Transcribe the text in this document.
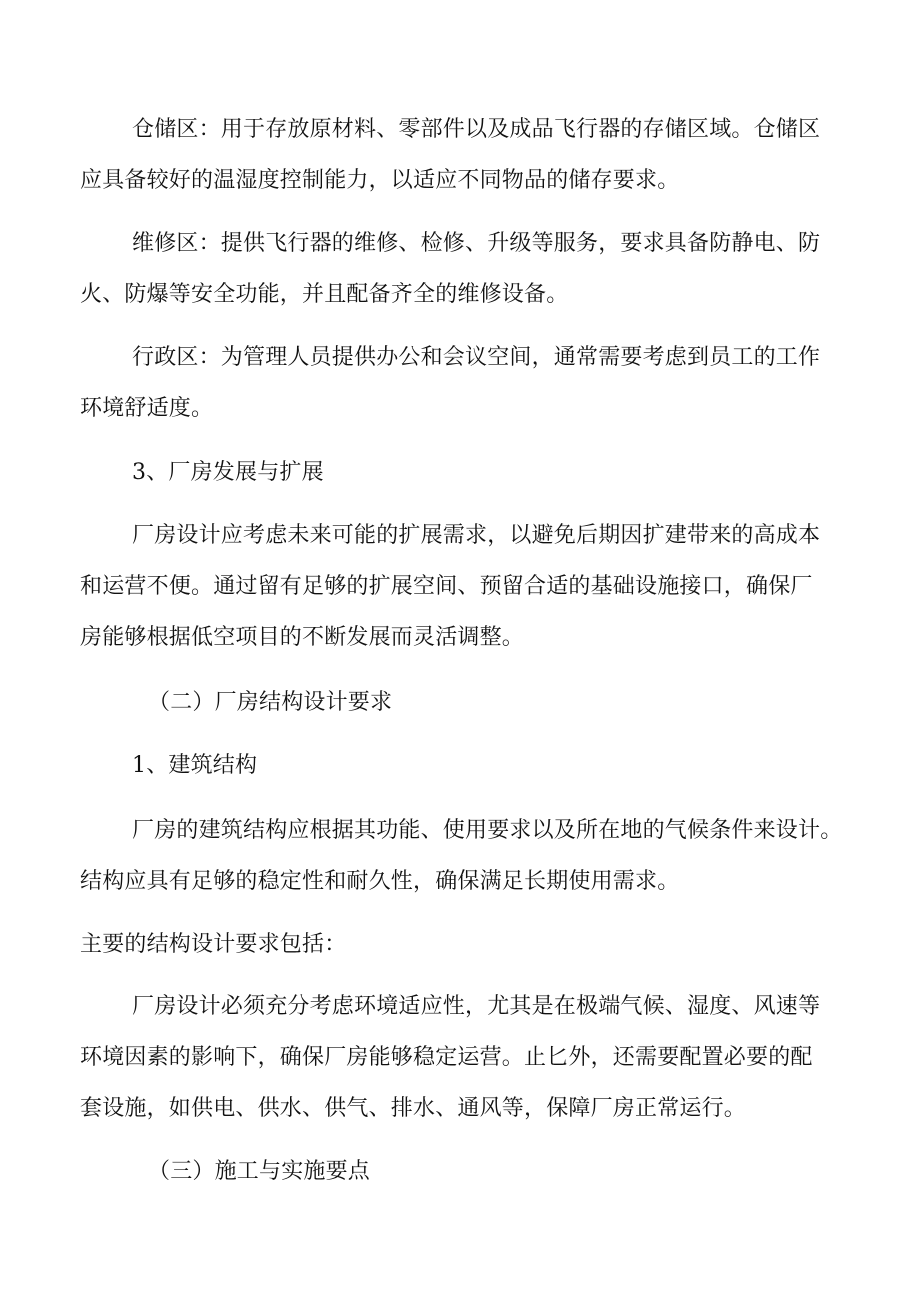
仓储区：用于存放原材料、零部件以及成品飞行器的存储区域。仓储区
应具备较好的温湿度控制能力，以适应不同物品的储存要求。
维修区：提供飞行器的维修、检修、升级等服务，要求具备防静电、防
火、防爆等安全功能，并且配备齐全的维修设备。
行政区：为管理人员提供办公和会议空间，通常需要考虑到员工的工作
环境舒适度。
3、厂房发展与扩展
厂房设计应考虑未来可能的扩展需求，以避免后期因扩建带来的高成本
和运营不便。通过留有足够的扩展空间、预留合适的基础设施接口，确保厂
房能够根据低空项目的不断发展而灵活调整。
（二）厂房结构设计要求
1、建筑结构
厂房的建筑结构应根据其功能、使用要求以及所在地的气候条件来设计。
结构应具有足够的稳定性和耐久性，确保满足长期使用需求。
主要的结构设计要求包括：
厂房设计必须充分考虑环境适应性，尤其是在极端气候、湿度、风速等
环境因素的影响下，确保厂房能够稳定运营。止匕外，还需要配置必要的配
套设施，如供电、供水、供气、排水、通风等，保障厂房正常运行。
（三）施工与实施要点
